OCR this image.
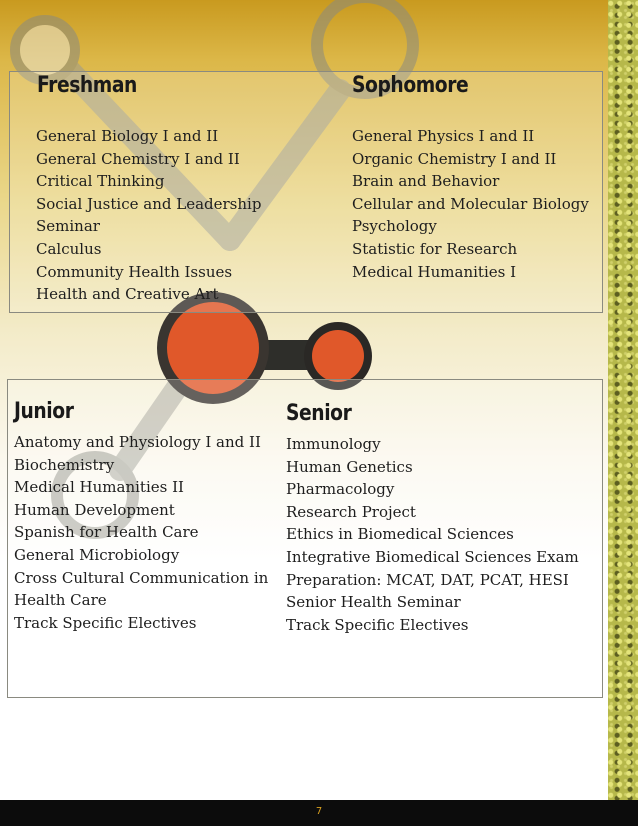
Freshman
General Biology I and II
General Chemistry I and II
Critical Thinking
Social Justice and Leadership
Seminar
Calculus
Community Health Issues
Health and Creative Art
Sophomore
General Physics I and II
Organic Chemistry I and II
Brain and Behavior
Cellular and Molecular Biology
Psychology
Statistic for Research
Medical Humanities I
Junior
Anatomy and Physiology I and II
Biochemistry
Medical Humanities II
Human Development
Spanish for Health Care
General Microbiology
Cross Cultural Communication in
Health Care
Track Specific Electives
Senior
Immunology
Human Genetics
Pharmacology
Research Project
Ethics in Biomedical Sciences
Integrative Biomedical Sciences Exam
Preparation: MCAT, DAT, PCAT, HESI
Senior Health Seminar
Track Specific Electives
7
